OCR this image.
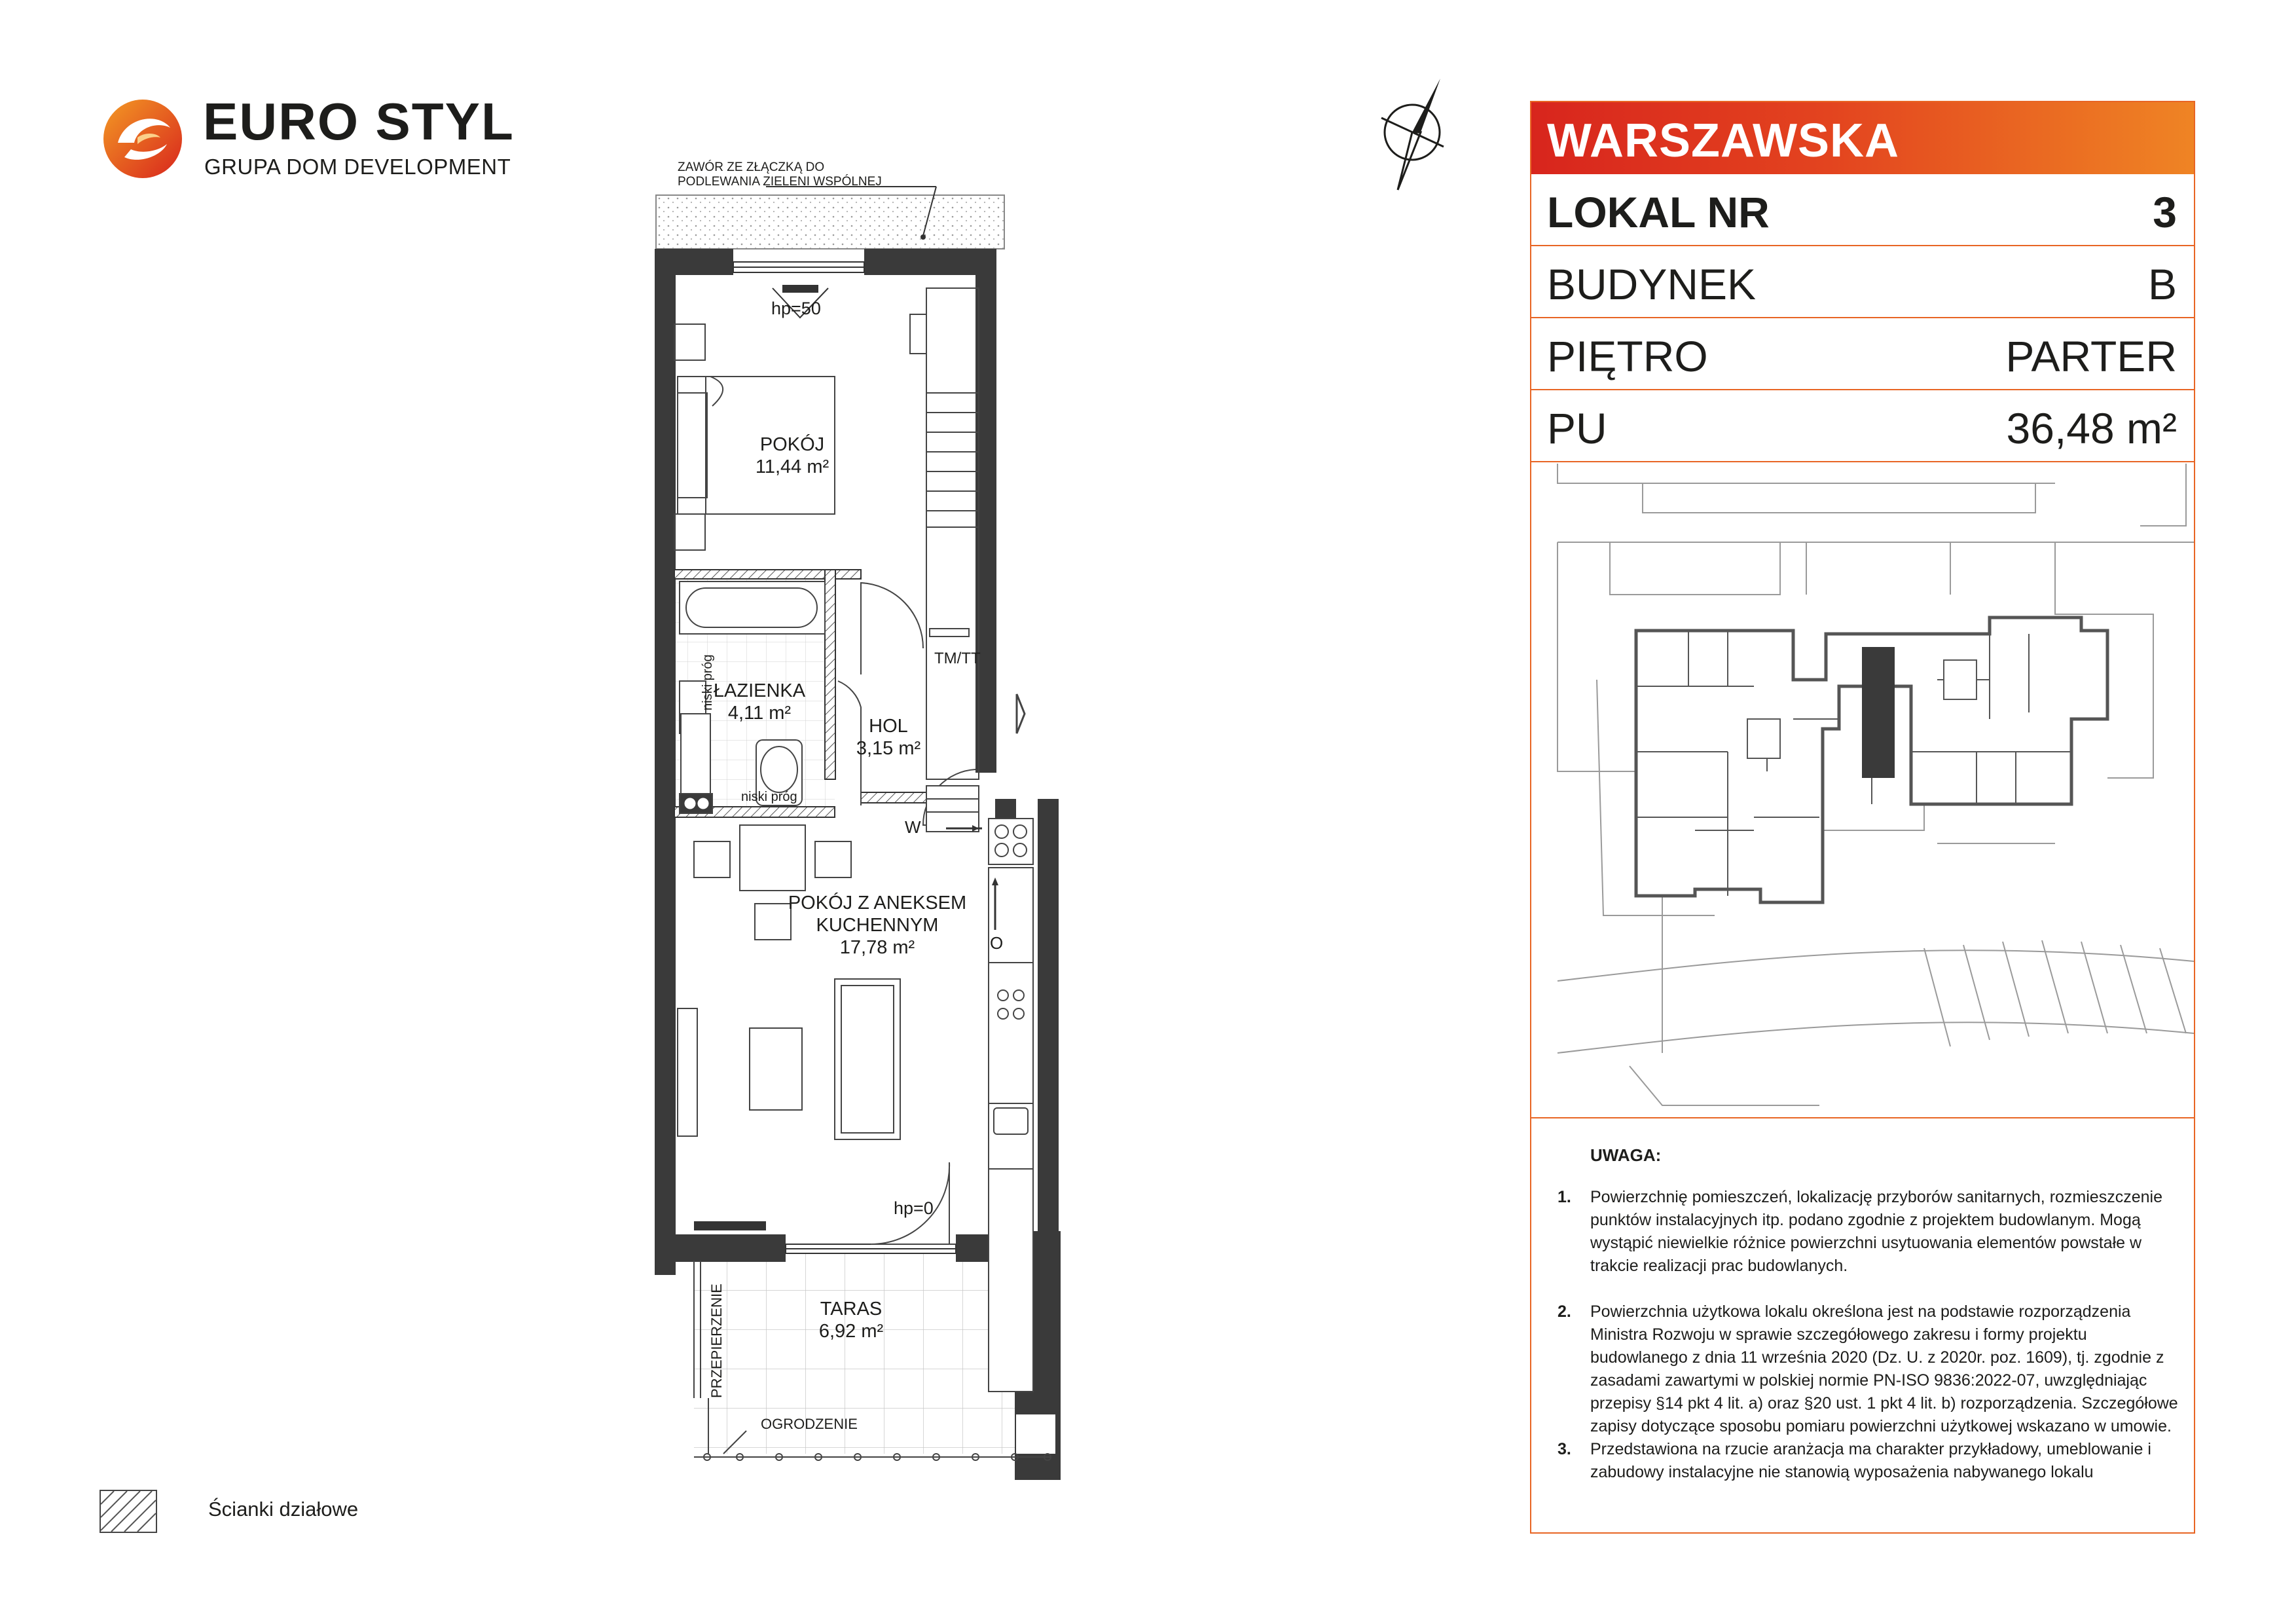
EURO STYL
GRUPA DOM DEVELOPMENT	ZAWÓR ZE ZŁĄCZKĄ DO
PODLEWANIA ZIELENI WSPÓLNEJ
hp=50
hp=0
TM/TT
W
O
niski próg
niski próg
OGRODZENIE
PRZEPIERZENIE
POKÓJ
11,44 m²
ŁAZIENKA
4,11 m²
HOL
3,15 m²
POKÓJ Z ANEKSEM
KUCHENNYM
17,78 m²
TARAS
6,92 m²
WARSZAWSKA
LOKAL NR	3
BUDYNEK	B
PIĘTRO	PARTER
PU	36,48 m²
UWAGA:
1. Powierzchnię pomieszczeń, lokalizację przyborów sanitarnych, rozmieszczenie punktów instalacyjnych itp. podano zgodnie z projektem budowlanym. Mogą wystąpić niewielkie różnice powierzchni usytuowania elementów powstałe w trakcie realizacji prac budowlanych.
2. Powierzchnia użytkowa lokalu określona jest na podstawie rozporządzenia Ministra Rozwoju w sprawie szczegółowego zakresu i formy projektu budowlanego z dnia 11 września 2020 (Dz. U. z 2020r. poz. 1609), tj. zgodnie z zasadami zawartymi w polskiej normie PN-ISO 9836:2022-07, uwzględniając przepisy §14 pkt 4 lit. a) oraz §20 ust. 1 pkt 4 lit. b) rozporządzenia. Szczegółowe zapisy dotyczące sposobu pomiaru powierzchni użytkowej wskazano w umowie.
3. Przedstawiona na rzucie aranżacja ma charakter przykładowy, umeblowanie i zabudowy instalacyjne nie stanowią wyposażenia nabywanego lokalu
Ścianki działowe
